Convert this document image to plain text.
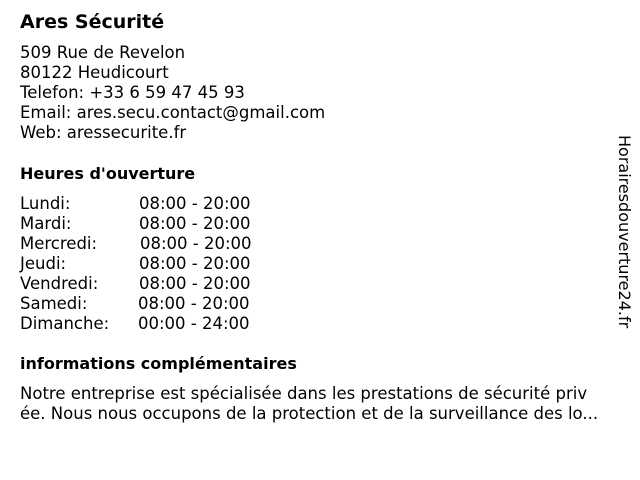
Ares Sécurité
509 Rue de Revelon
80122 Heudicourt
Telefon: +33 6 59 47 45 93
Email: ares.secu.contact@gmail.com
Web: aressecurite.fr
Heures d'ouverture
Lundi:	08:00 - 20:00
Mardi:	08:00 - 20:00
Mercredi:	08:00 - 20:00
Jeudi:	08:00 - 20:00
Vendredi: 08:00 - 20:00
Samedi:	08:00 - 20:00
Dimanche: 00:00 - 24:00
informations complémentaires
Notre entreprise est spécialisée dans les prestations de sécurité priv
ée. Nous nous occupons de la protection et de la surveillance des lo...
Horairesdouverture24.fr
